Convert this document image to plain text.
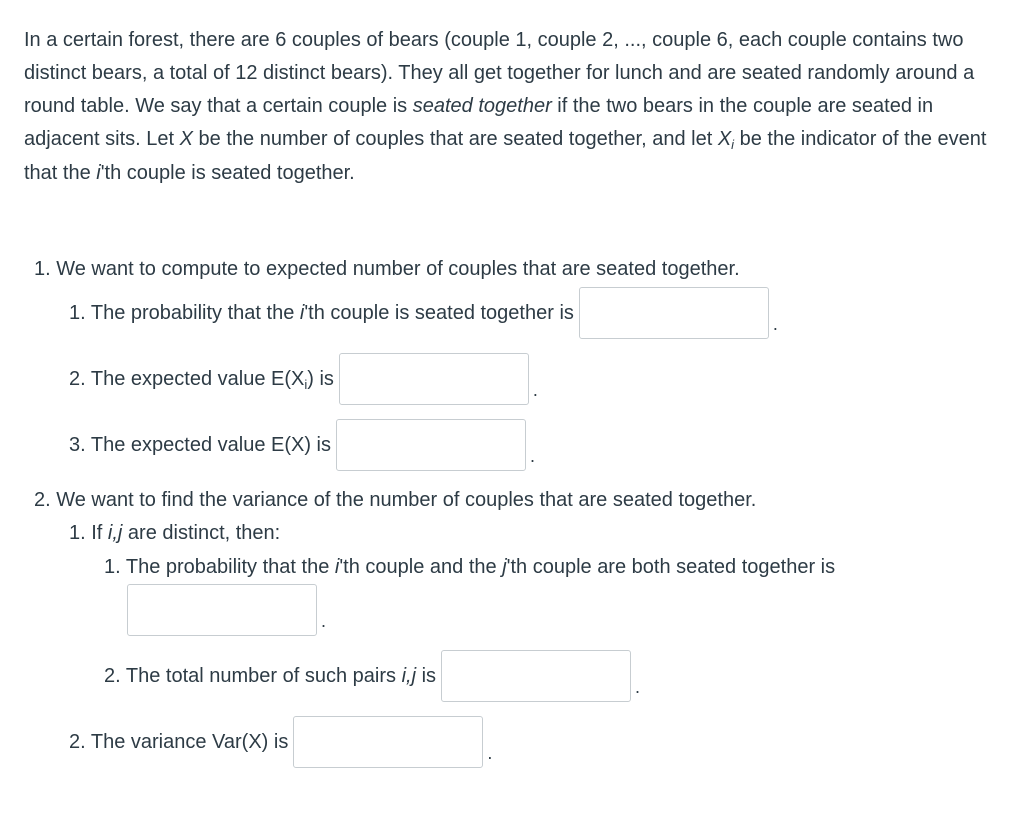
In a certain forest, there are 6 couples of bears (couple 1, couple 2, ..., couple 6, each couple contains two distinct bears, a total of 12 distinct bears). They all get together for lunch and are seated randomly around a round table. We say that a certain couple is seated together if the two bears in the couple are seated in adjacent sits. Let X be the number of couples that are seated together, and let $X_i$ be the indicator of the event that the i'th couple is seated together.
1. We want to compute to expected number of couples that are seated together.
1. The probability that the i'th couple is seated together is	.
2. The expected value $E(X_i)$ is	.
3. The expected value E(X) is	.
2. We want to find the variance of the number of couples that are seated together.
1. If i,j are distinct, then:
1. The probability that the i'th couple and the j'th couple are both seated together is
.
2. The total number of such pairs i,j is	.
2. The variance Var(X) is	.
